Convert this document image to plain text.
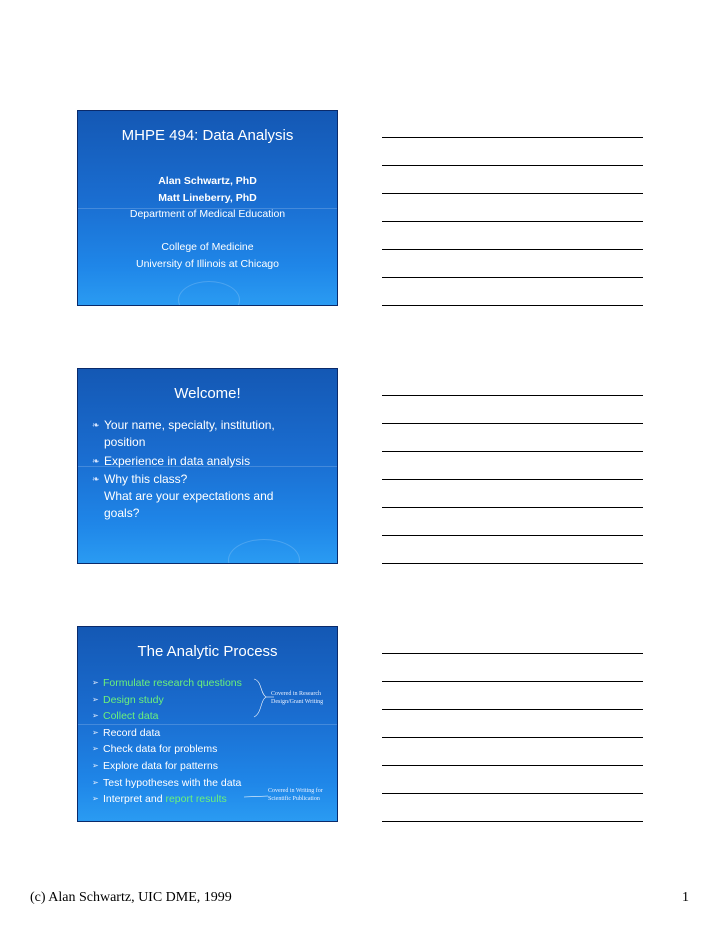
MHPE 494: Data Analysis
Alan Schwartz, PhD
Matt Lineberry, PhD
Department of Medical Education
College of Medicine
University of Illinois at Chicago
Welcome!
❧ Your name, specialty, institution,
position
❧ Experience in data analysis
❧ Why this class?
What are your expectations and
goals?
The Analytic Process
➢ Formulate research questions
➢ Design study
➢ Collect data
➢ Record data
➢ Check data for problems
➢ Explore data for patterns
➢ Test hypotheses with the data
➢ Interpret and report results
Covered in Research
Design/Grant Writing
Covered in Writing for
Scientific Publication
(c) Alan Schwartz, UIC DME, 1999	1
